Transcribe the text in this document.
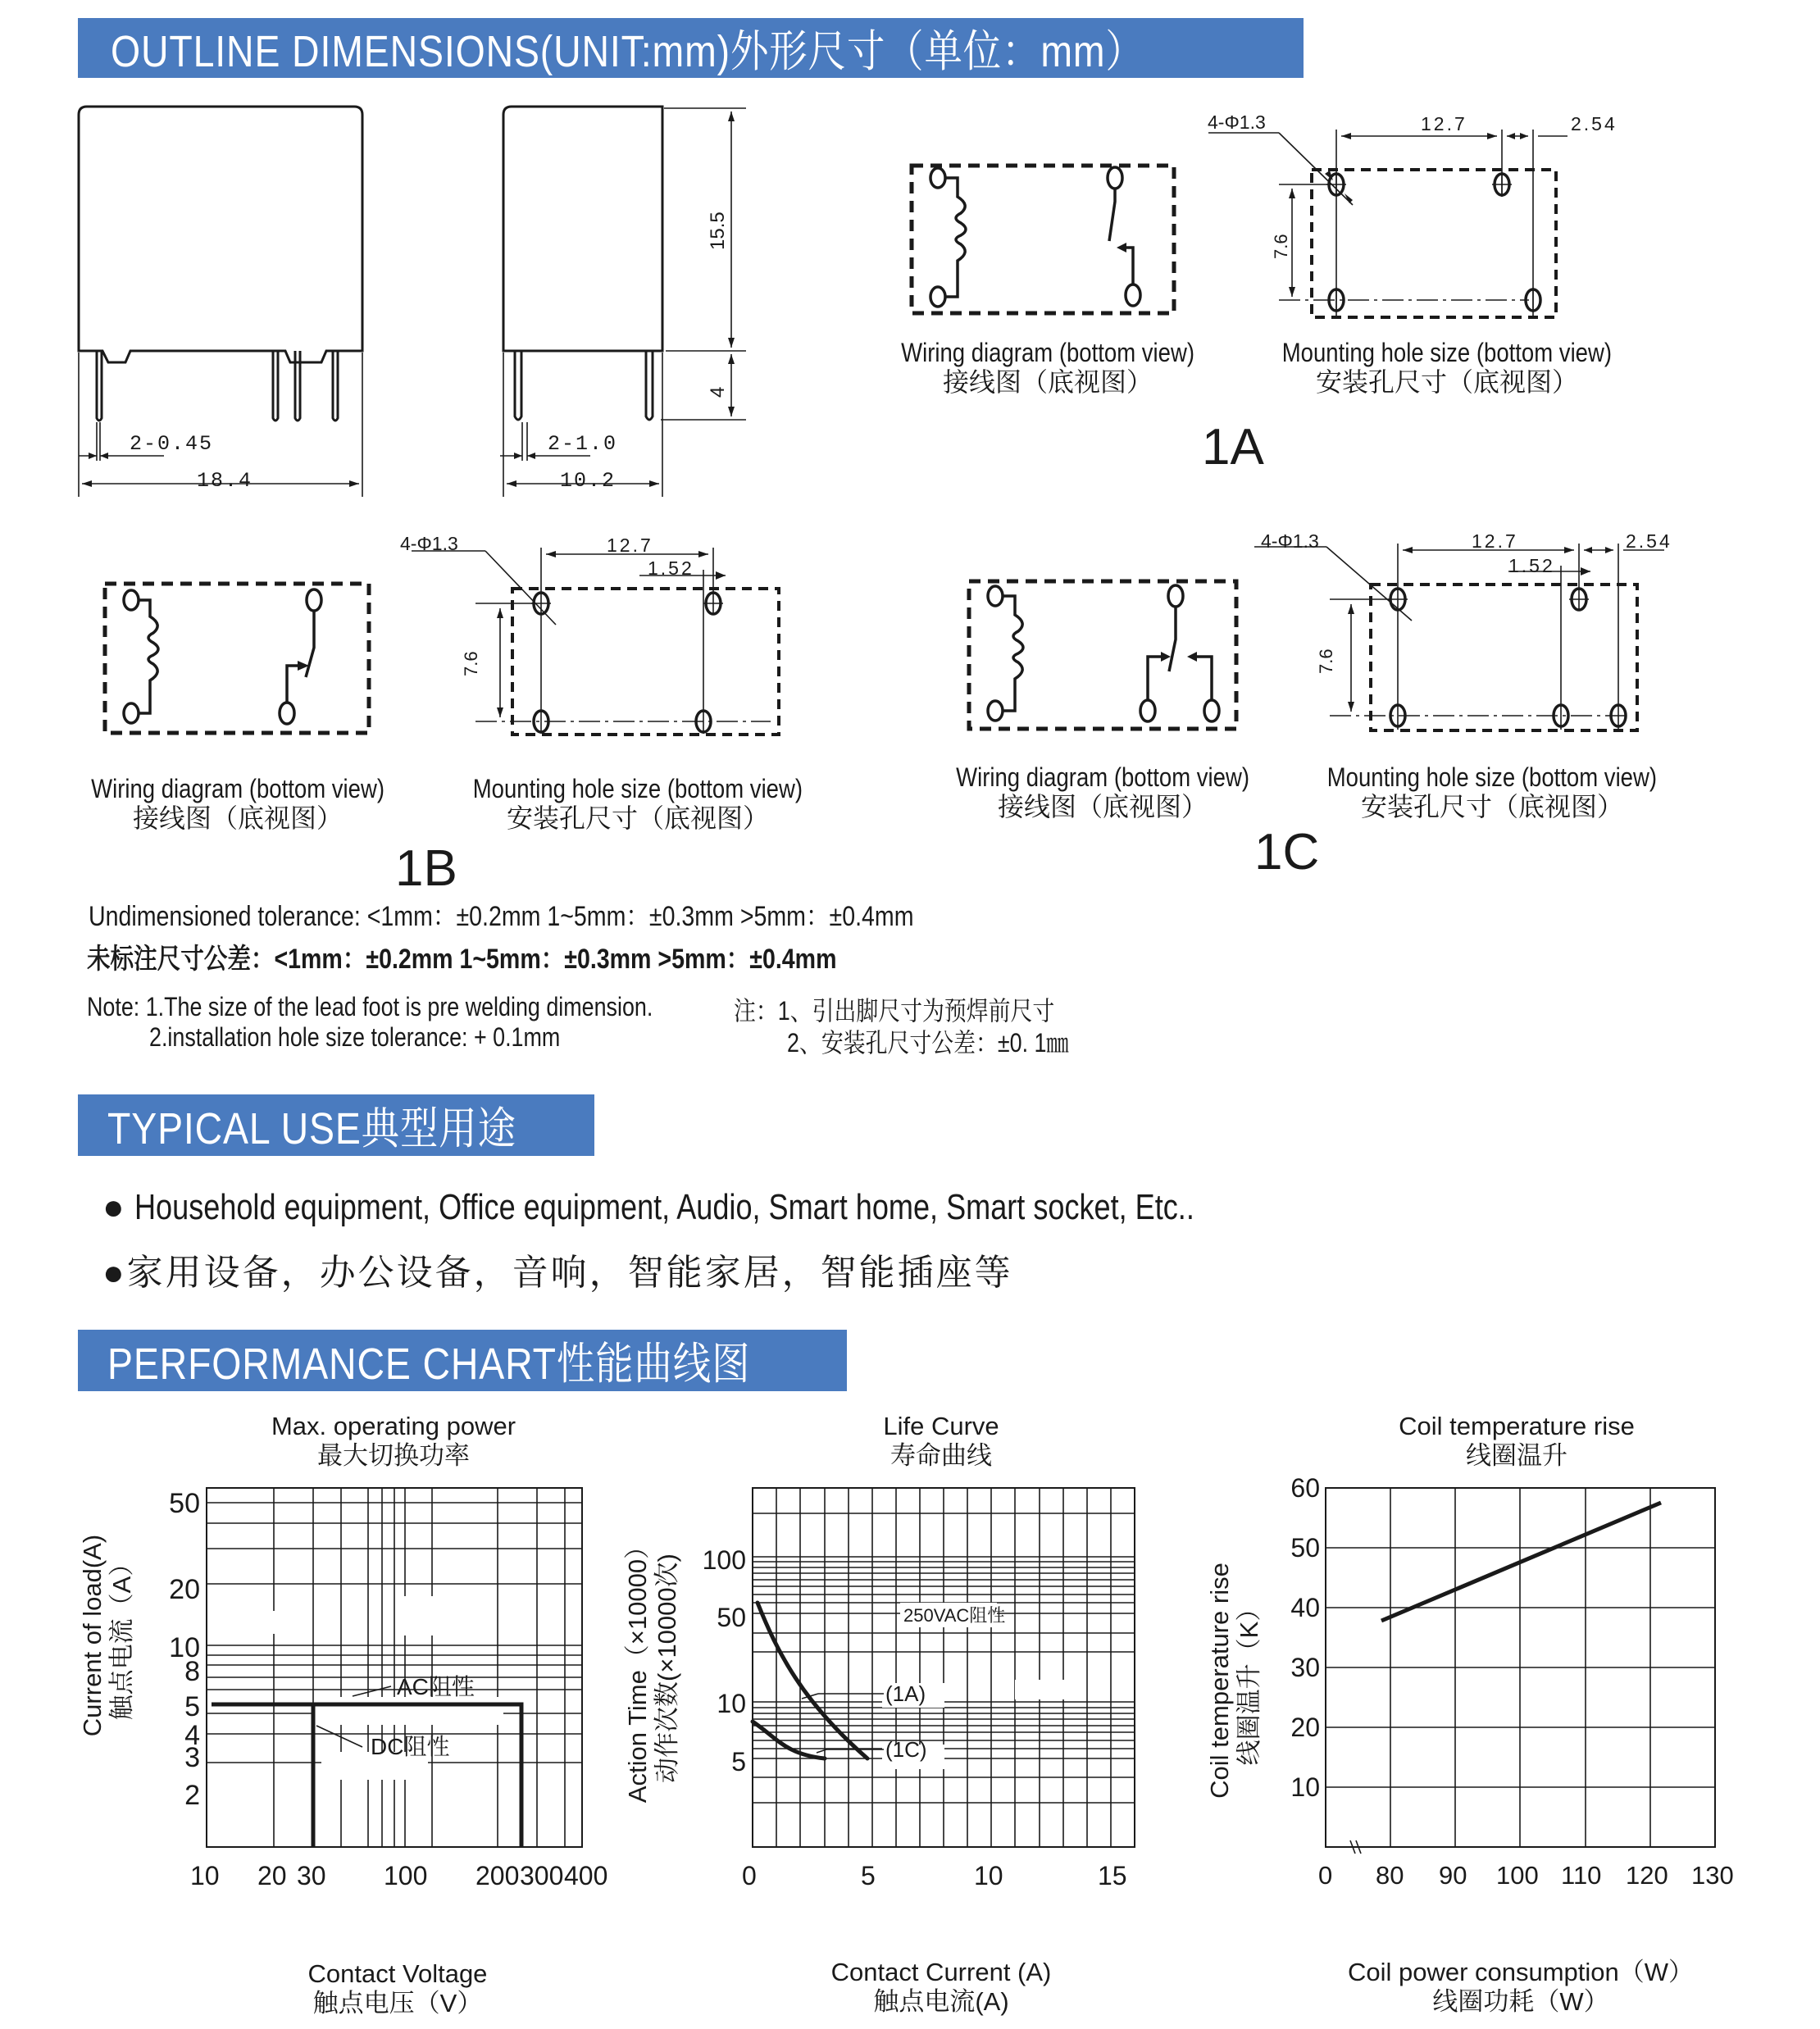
OUTLINE DIMENSIONS(UNIT:mm)外形尺寸（单位：mm）
TYPICAL USE典型用途
PERFORMANCE CHART性能曲线图
2-0.45
18.4
2-1.0
10.2
15.5
4
4-Φ1.3	12.7	2.54
7.6
Wiring diagram (bottom view)
接线图（底视图）
Mounting hole size (bottom view)
安装孔尺寸（底视图）
1A
4-Φ1.3	12.7
1.52
7.6
Wiring diagram (bottom view)
接线图（底视图）
Mounting hole size (bottom view)
安装孔尺寸（底视图）
1B
4-Φ1.3	12.7	2.54
1.52
7.6
Wiring diagram (bottom view)
接线图（底视图）
Mounting hole size (bottom view)
安装孔尺寸（底视图）
1C
Undimensioned tolerance: <1mm：±0.2mm 1~5mm：±0.3mm >5mm：±0.4mm
未标注尺寸公差：<1mm：±0.2mm 1~5mm：±0.3mm >5mm：±0.4mm
Note: 1.The size of the lead foot is pre welding dimension.	注：1、引出脚尺寸为预焊前尺寸
2.installation hole size tolerance: + 0.1mm	2、安装孔尺寸公差：±0. 1㎜
● Household equipment, Office equipment, Audio, Smart home, Smart socket, Etc..
●家用设备，办公设备，音响，智能家居，智能插座等
Max. operating power
最大切换功率
AC阻性
DC阻性
50
20
10
8
5
4
3
2
10 20 30 100 200 300 400
Contact Voltage
触点电压（V）
Current of load(A) 触点电流（A）
Life Curve
寿命曲线
250VAC阻性
(1A)
(1C)
100
50
10
5
0	5	10	15
Contact Current (A)
触点电流(A)
Action Time（×10000） 动作次数(×10000次)
Coil temperature rise
线圈温升
60
50
40
30
20
10
0 80 90 100 110 120 130
Coil power consumption（W）
线圈功耗（W）
Coil temperature rise 线圈温升（K）
